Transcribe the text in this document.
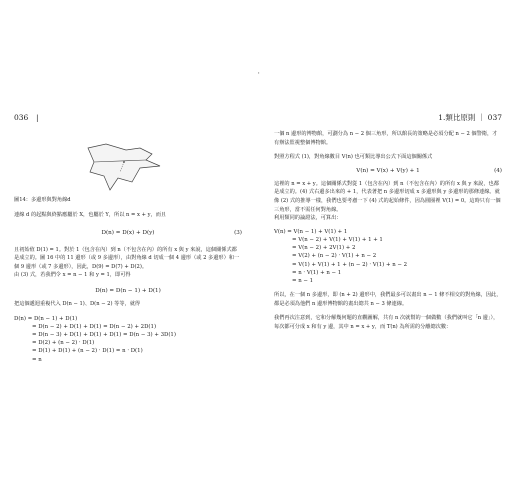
'
036 |
圖14：多邊形與對角線d

連線 d 的起點與終點應屬於 X，也屬於 Y，所以 n = x + y，而且

D(n) = D(x) + D(y)	(3)

且初始值 D(1) = 1。對於 1（包含在內）到 n（不包含在內）的所有 x 與 y 來說，這個關係式都是成立的。圖 16 中的 11 邊形（或 9 多邊形），由對角線 d 切成一個 4 邊形（或 2 多邊形）和一個 9 邊形（或 7 多邊形），因此，D(9) = D(7) + D(2)。

由 (3) 式，若我們令 x = n − 1 和 y = 1，即可得

D(n) = D(n − 1) + D(1)

把這個遞迴重複代入 D(n − 1)、D(n − 2) 等等，就得

D(n) = D(n − 1) + D(1)
= D(n − 2) + D(1) + D(1) = D(n − 2) + 2D(1)
= D(n − 3) + D(1) + D(1) + D(1) = D(n − 3) + 3D(1)
= D(2) + (n − 2) · D(1)
= D(1) + D(1) + (n − 2) · D(1) = n · D(1)
= n
1.類比原則 ｜ 037

一個 n 邊形的博物館，可劃分為 n − 2 個三角形，所以館長的策略是必須分配 n − 2 個警衛，才有辦法監視整個博物館。

對照方程式 (1)，對角線數目 V(n) 也可類比導出公式下面這個關係式

V(n) = V(x) + V(y) + 1	(4)

這裡的 n = x + y。這個關係式對從 1（包含在內）到 n（不包含在內）的所有 x 與 y 來說，也都是成立的。(4) 式右邊多出來的 + 1，代表著把 n 多邊形切成 x 多邊形與 y 多邊形的那條連線。就像 (2) 式的推導一樣，我們也要考慮一下 (4) 式的起始條件，因為圓圈裡 V(1) = 0。這時只有一個三角形，當不需任何對角線。

利用類同的論證法，可算出：

V(n) = V(n − 1) + V(1) + 1
= V(n − 2) + V(1) + V(1) + 1 + 1
= V(n − 2) + 2V(1) + 2
= V(2) + (n − 2) · V(1) + n − 2
= V(1) + V(1) + 1 + (n − 2) · V(1) + n − 2
= n · V(1) + n − 1
= n − 1

所以，在一個 n 多邊形，即 (n + 2) 邊形中，我們最多可以畫出 n − 1 條不相交的對角線，因此，都是必須為他們 n 邊形博物館的畫出總共 n − 3 條連線。

我們再次注意到，它和分解幾何題的直觀圖解，共有 n 次就幫的一個做數（我們就叫它「n 邊」），每次都可分成 x 和有 y 邊，其中 n = x + y，而 T(n) 為所需的分離總次數：
